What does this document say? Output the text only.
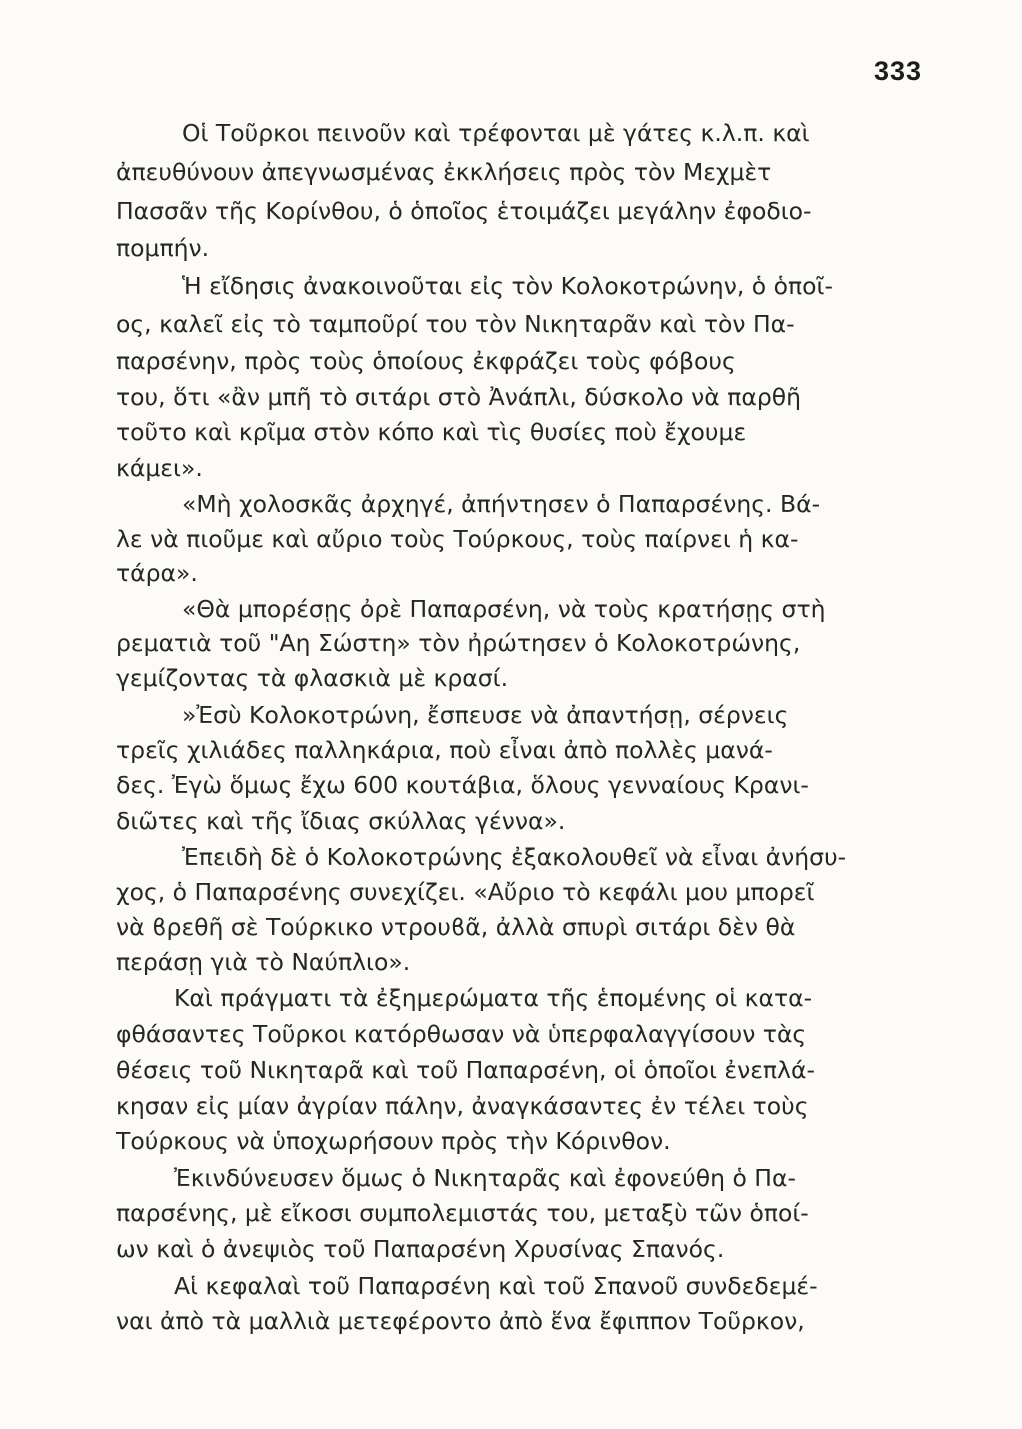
333
Οἱ Τοῦρκοι πεινοῦν καὶ τρέφονται μὲ γάτες κ.λ.π. καὶ
ἀπευθύνουν ἀπεγνωσμένας ἐκκλήσεις πρὸς τὸν Μεχμὲτ
Πασσᾶν τῆς Κορίνθου, ὁ ὁποῖος ἑτοιμάζει μεγάλην ἐφοδιο-
πομπήν.
Ἡ εἴδησις ἀνακοινοῦται εἰς τὸν Κολοκοτρώνην, ὁ ὁποῖ-
ος, καλεῖ εἰς τὸ ταμποῦρί του τὸν Νικηταρᾶν καὶ τὸν Πα-
παρσένην, πρὸς τοὺς ὁποίους ἐκφράζει τοὺς φόβους
του, ὅτι «ἂν μπῆ τὸ σιτάρι στὸ Ἀνάπλι, δύσκολο νὰ παρθῆ
τοῦτο καὶ κρῖμα στὸν κόπο καὶ τὶς θυσίες ποὺ ἔχουμε
κάμει».
«Μὴ χολοσκᾶς ἀρχηγέ, ἀπήντησεν ὁ Παπαρσένης. Βά-
λε νὰ πιοῦμε καὶ αὔριο τοὺς Τούρκους, τοὺς παίρνει ἡ κα-
τάρα».
«Θὰ μπορέσῃς ὀρὲ Παπαρσένη, νὰ τοὺς κρατήσῃς στὴ
ρεματιὰ τοῦ "Αη Σώστη» τὸν ἠρώτησεν ὁ Κολοκοτρώνης,
γεμίζοντας τὰ φλασκιὰ μὲ κρασί.
»Ἐσὺ Κολοκοτρώνη, ἔσπευσε νὰ ἀπαντήσῃ, σέρνεις
τρεῖς χιλιάδες παλληκάρια, ποὺ εἶναι ἀπὸ πολλὲς μανά-
δες. Ἐγὼ ὅμως ἔχω 600 κουτάβια, ὅλους γενναίους Κρανι-
διῶτες καὶ τῆς ἴδιας σκύλλας γέννα».
Ἐπειδὴ δὲ ὁ Κολοκοτρώνης ἐξακολουθεῖ νὰ εἶναι ἀνήσυ-
χος, ὁ Παπαρσένης συνεχίζει. «Αὔριο τὸ κεφάλι μου μπορεῖ
νὰ ϐρεθῆ σὲ Τούρκικο ντρουϐᾶ, ἀλλὰ σπυρὶ σιτάρι δὲν θὰ
περάσῃ γιὰ τὸ Ναύπλιο».
Καὶ πράγματι τὰ ἐξημερώματα τῆς ἑπομένης οἱ κατα-
φθάσαντες Τοῦρκοι κατόρθωσαν νὰ ὑπερφαλαγγίσουν τὰς
θέσεις τοῦ Νικηταρᾶ καὶ τοῦ Παπαρσένη, οἱ ὁποῖοι ἐνεπλά-
κησαν εἰς μίαν ἀγρίαν πάλην, ἀναγκάσαντες ἐν τέλει τοὺς
Τούρκους νὰ ὑποχωρήσουν πρὸς τὴν Κόρινθον.
Ἐκινδύνευσεν ὅμως ὁ Νικηταρᾶς καὶ ἐφονεύθη ὁ Πα-
παρσένης, μὲ εἴκοσι συμπολεμιστάς του, μεταξὺ τῶν ὁποί-
ων καὶ ὁ ἀνεψιὸς τοῦ Παπαρσένη Χρυσίνας Σπανός.
Αἱ κεφαλαὶ τοῦ Παπαρσένη καὶ τοῦ Σπανοῦ συνδεδεμέ-
ναι ἀπὸ τὰ μαλλιὰ μετεφέροντο ἀπὸ ἕνα ἔφιππον Τοῦρκον,
